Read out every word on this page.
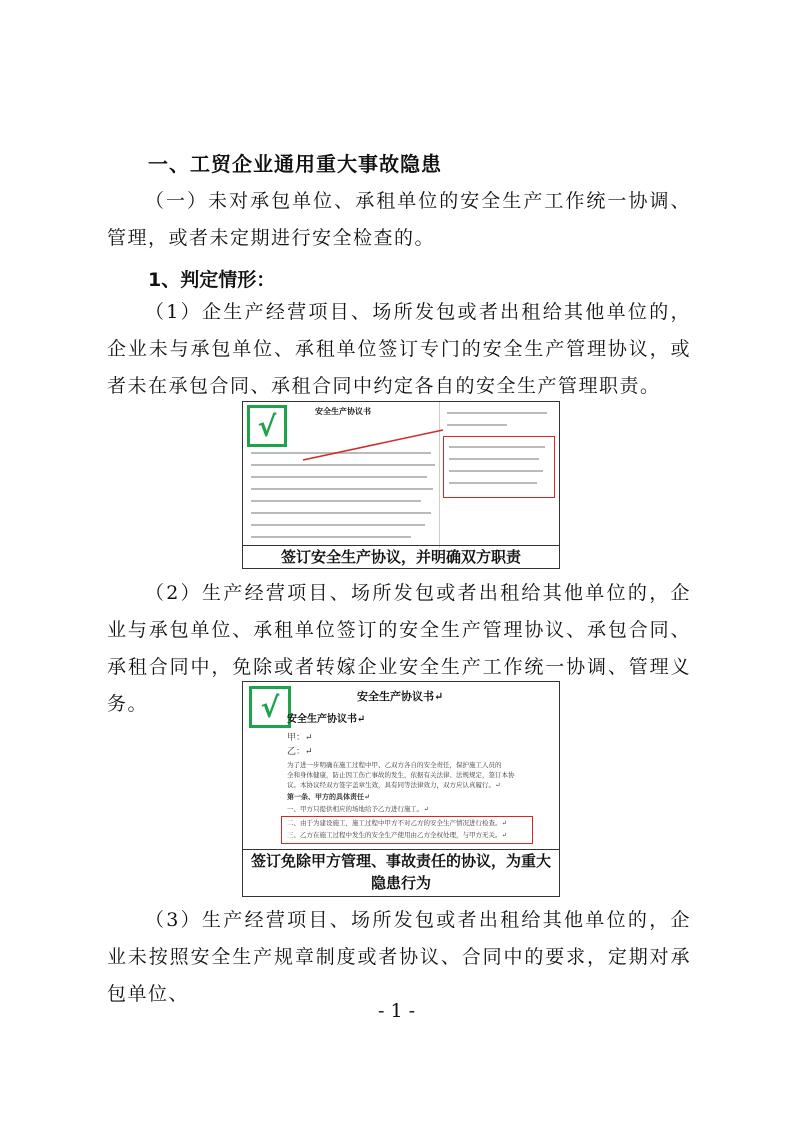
一、工贸企业通用重大事故隐患
（一）未对承包单位、承租单位的安全生产工作统一协调、管理，或者未定期进行安全检查的。
1、判定情形：
（1）企生产经营项目、场所发包或者出租给其他单位的，企业未与承包单位、承租单位签订专门的安全生产管理协议，或者未在承包合同、承租合同中约定各自的安全生产管理职责。
√	安全生产协议书
签订安全生产协议，并明确双方职责
（2）生产经营项目、场所发包或者出租给其他单位的，企业与承包单位、承租单位签订的安全生产管理协议、承包合同、承租合同中，免除或者转嫁企业安全生产工作统一协调、管理义务。	√	安全生产协议书↵
安全生产协议书↵
甲：↵
乙：↵
为了进一步明确在施工过程中甲、乙双方各自的安全责任，保护施工人员的
全和身体健康，防止因工伤亡事故的发生，依据有关法律、法规规定，签订本协
议。本协议经双方签字盖章生效，具有同等法律效力，双方应认真履行。↵
第一条、甲方的具体责任↵
一、甲方只提供相应的场地给予乙方进行施工。↵
二、由于为建设施工，施工过程中甲方不对乙方的安全生产情况进行检查。↵
三、乙方在施工过程中发生的安全生产使用由乙方全权处理，与甲方无关。↵
签订免除甲方管理、事故责任的协议，为重大隐患行为
（3）生产经营项目、场所发包或者出租给其他单位的，企业未按照安全生产规章制度或者协议、合同中的要求，定期对承包单位、
- 1 -
